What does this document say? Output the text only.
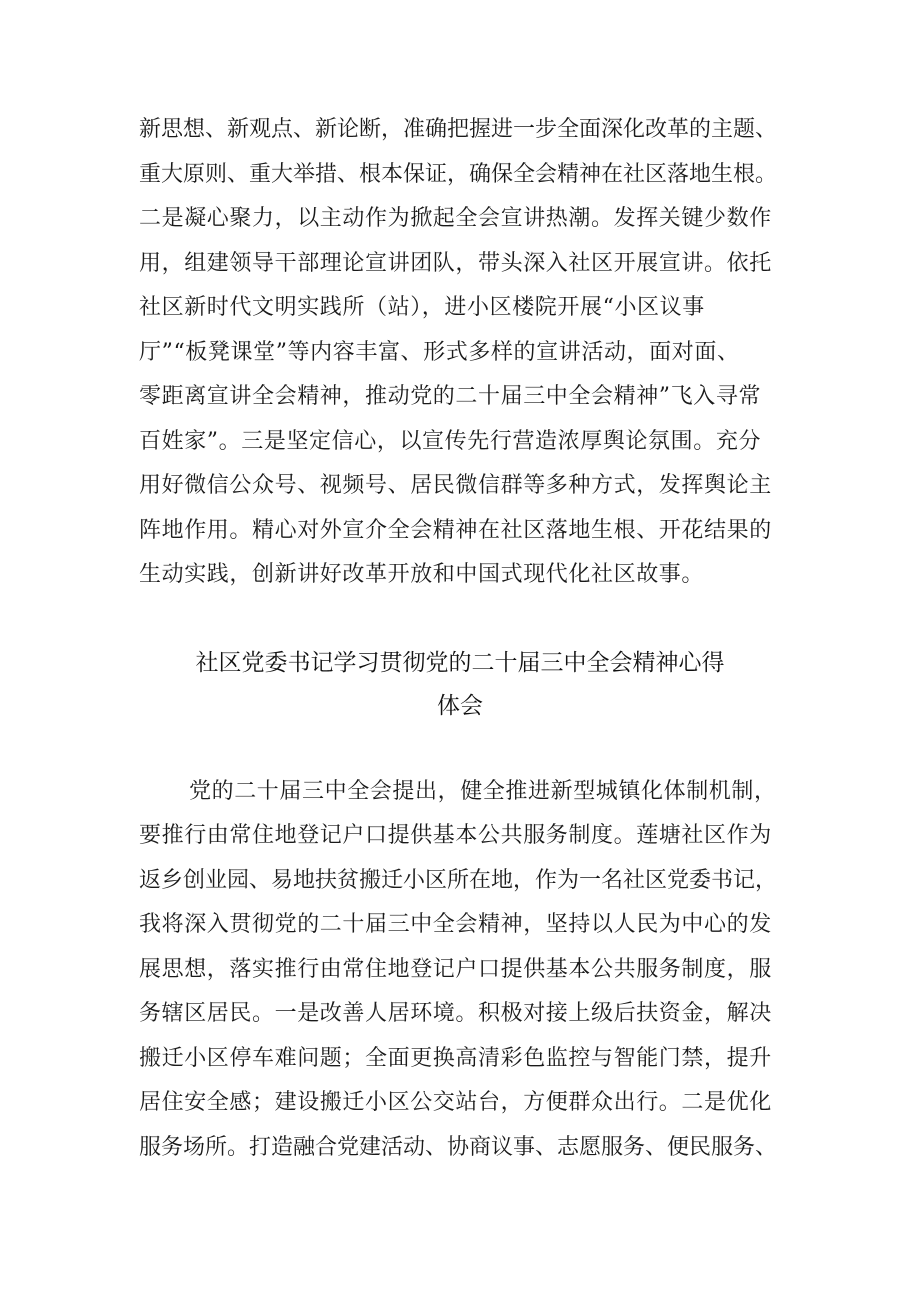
新思想、新观点、新论断，准确把握进一步全面深化改革的主题、
重大原则、重大举措、根本保证，确保全会精神在社区落地生根。
二是凝心聚力，以主动作为掀起全会宣讲热潮。发挥关键少数作
用，组建领导干部理论宣讲团队，带头深入社区开展宣讲。依托
社区新时代文明实践所（站），进小区楼院开展“小区议事
厅”“板凳课堂”等内容丰富、形式多样的宣讲活动，面对面、
零距离宣讲全会精神，推动党的二十届三中全会精神”飞入寻常
百姓家”。三是坚定信心，以宣传先行营造浓厚舆论氛围。充分
用好微信公众号、视频号、居民微信群等多种方式，发挥舆论主
阵地作用。精心对外宣介全会精神在社区落地生根、开花结果的
生动实践，创新讲好改革开放和中国式现代化社区故事。
社区党委书记学习贯彻党的二十届三中全会精神心得
体会
党的二十届三中全会提出，健全推进新型城镇化体制机制，
要推行由常住地登记户口提供基本公共服务制度。莲塘社区作为
返乡创业园、易地扶贫搬迁小区所在地，作为一名社区党委书记，
我将深入贯彻党的二十届三中全会精神，坚持以人民为中心的发
展思想，落实推行由常住地登记户口提供基本公共服务制度，服
务辖区居民。一是改善人居环境。积极对接上级后扶资金，解决
搬迁小区停车难问题；全面更换高清彩色监控与智能门禁，提升
居住安全感；建设搬迁小区公交站台，方便群众出行。二是优化
服务场所。打造融合党建活动、协商议事、志愿服务、便民服务、
